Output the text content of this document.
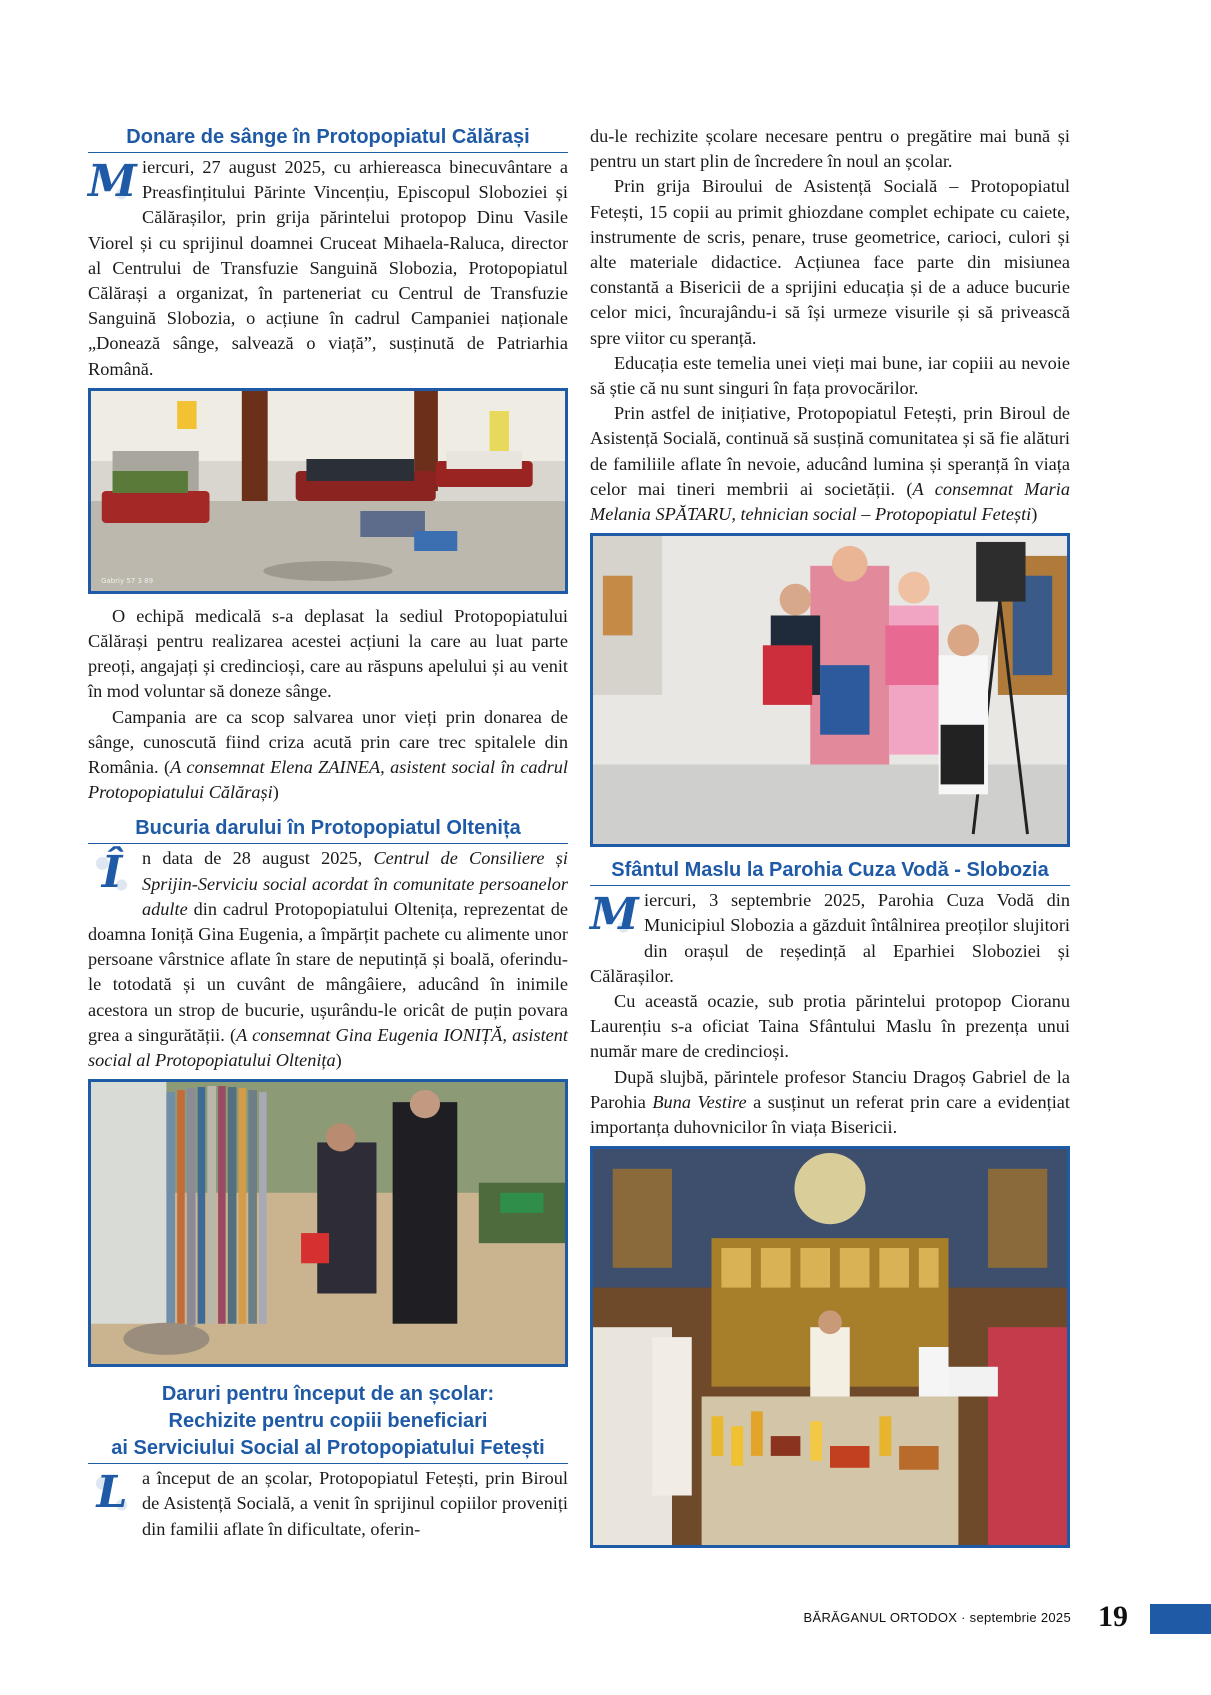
Donare de sânge în Protopopiatul Călărași

M iercuri, 27 august 2025, cu arhiereasca binecuvântare a Preasfințitului Părinte Vincențiu, Episcopul Sloboziei și Călărașilor, prin grija părintelui protopop Dinu Vasile Viorel și cu sprijinul doamnei Cruceat Mihaela-Raluca, director al Centrului de Transfuzie Sanguină Slobozia, Protopopiatul Călărași a organizat, în parteneriat cu Centrul de Transfuzie Sanguină Slobozia, o acțiune în cadrul Campaniei naționale „Donează sânge, salvează o viață”, susținută de Patriarhia Română.

Gabriy 57 3 89

O echipă medicală s-a deplasat la sediul Protopopiatului Călărași pentru realizarea acestei acțiuni la care au luat parte preoți, angajați și credincioși, care au răspuns apelului și au venit în mod voluntar să doneze sânge.

Campania are ca scop salvarea unor vieți prin donarea de sânge, cunoscută fiind criza acută prin care trec spitalele din România. (A consemnat Elena ZAINEA, asistent social în cadrul Protopopiatului Călărași)

Bucuria darului în Protopopiatul Oltenița

Î	n data de 28 august 2025, Centrul de Consiliere și Sprijin-Serviciu social acordat în comunitate persoanelor adulte din cadrul Protopopiatului Oltenița, reprezentat de doamna Ioniță Gina Eugenia, a împărțit pachete cu alimente unor persoane vârstnice aflate în stare de neputință și boală, oferindu-le totodată și un cuvânt de mângâiere, aducând în inimile acestora un strop de bucurie, ușurându-le oricât de puțin povara grea a singurătății. (A consemnat Gina Eugenia IONIȚĂ, asistent social al Protopopiatului Oltenița)

Daruri pentru început de an școlar:
Rechizite pentru copiii beneficiari
ai Serviciului Social al Protopopiatului Fetești

L a început de an școlar, Protopopiatul Fetești, prin Biroul de Asistență Socială, a venit în sprijinul copiilor proveniți din familii aflate în dificultate, oferin-

du-le rechizite școlare necesare pentru o pregătire mai bună și pentru un start plin de încredere în noul an școlar.

Prin grija Biroului de Asistență Socială – Protopopiatul Fetești, 15 copii au primit ghiozdane complet echipate cu caiete, instrumente de scris, penare, truse geometrice, carioci, culori și alte materiale didactice. Acțiunea face parte din misiunea constantă a Bisericii de a sprijini educația și de a aduce bucurie celor mici, încurajându-i să își urmeze visurile și să privească spre viitor cu speranță.

Educația este temelia unei vieți mai bune, iar copiii au nevoie să știe că nu sunt singuri în fața provocărilor.

Prin astfel de inițiative, Protopopiatul Fetești, prin Biroul de Asistență Socială, continuă să susțină comunitatea și să fie alături de familiile aflate în nevoie, aducând lumina și speranță în viața celor mai tineri membrii ai societății. (A consemnat Maria Melania SPĂTARU, tehnician social – Protopopiatul Fetești)

Sfântul Maslu la Parohia Cuza Vodă - Slobozia

M iercuri, 3 septembrie 2025, Parohia Cuza Vodă din Municipiul Slobozia a găzduit întâlnirea preoților slujitori din orașul de reședință al Eparhiei Sloboziei și Călărașilor.

Cu această ocazie, sub protia părintelui protopop Cioranu Laurențiu s-a oficiat Taina Sfântului Maslu în prezența unui număr mare de credincioși.

După slujbă, părintele profesor Stanciu Dragoș Gabriel de la Parohia Buna Vestire a susținut un referat prin care a evidențiat importanța duhovnicilor în viața Bisericii.

BĂRĂGANUL ORTODOX · septembrie 2025 19
